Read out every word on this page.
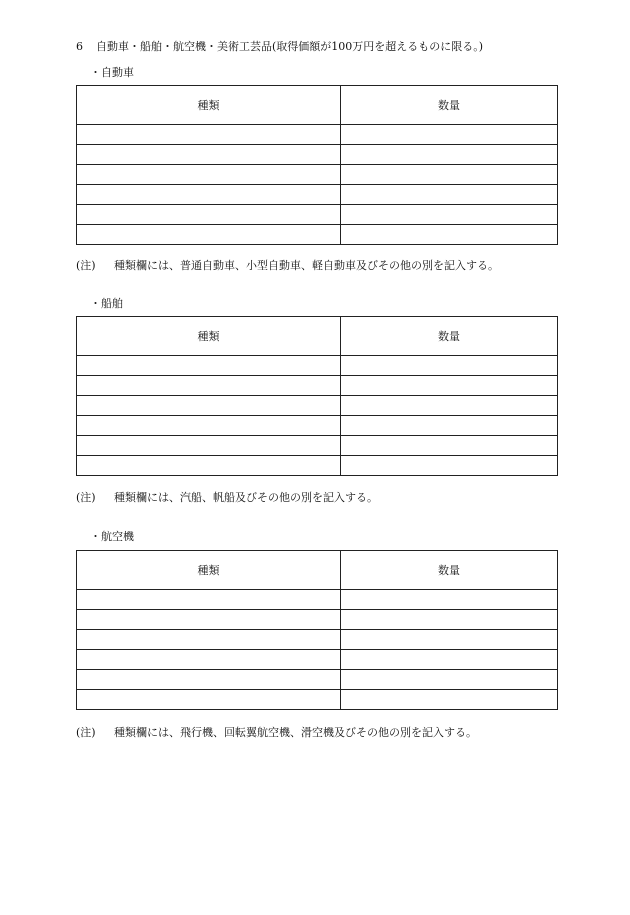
6 自動車・船舶・航空機・美術工芸品(取得価額が100万円を超えるものに限る。)
・自動車
種類	数量

(注) 種類欄には、普通自動車、小型自動車、軽自動車及びその他の別を記入する。
・船舶
種類	数量

(注) 種類欄には、汽船、帆船及びその他の別を記入する。
・航空機
種類	数量

(注) 種類欄には、飛行機、回転翼航空機、滑空機及びその他の別を記入する。
